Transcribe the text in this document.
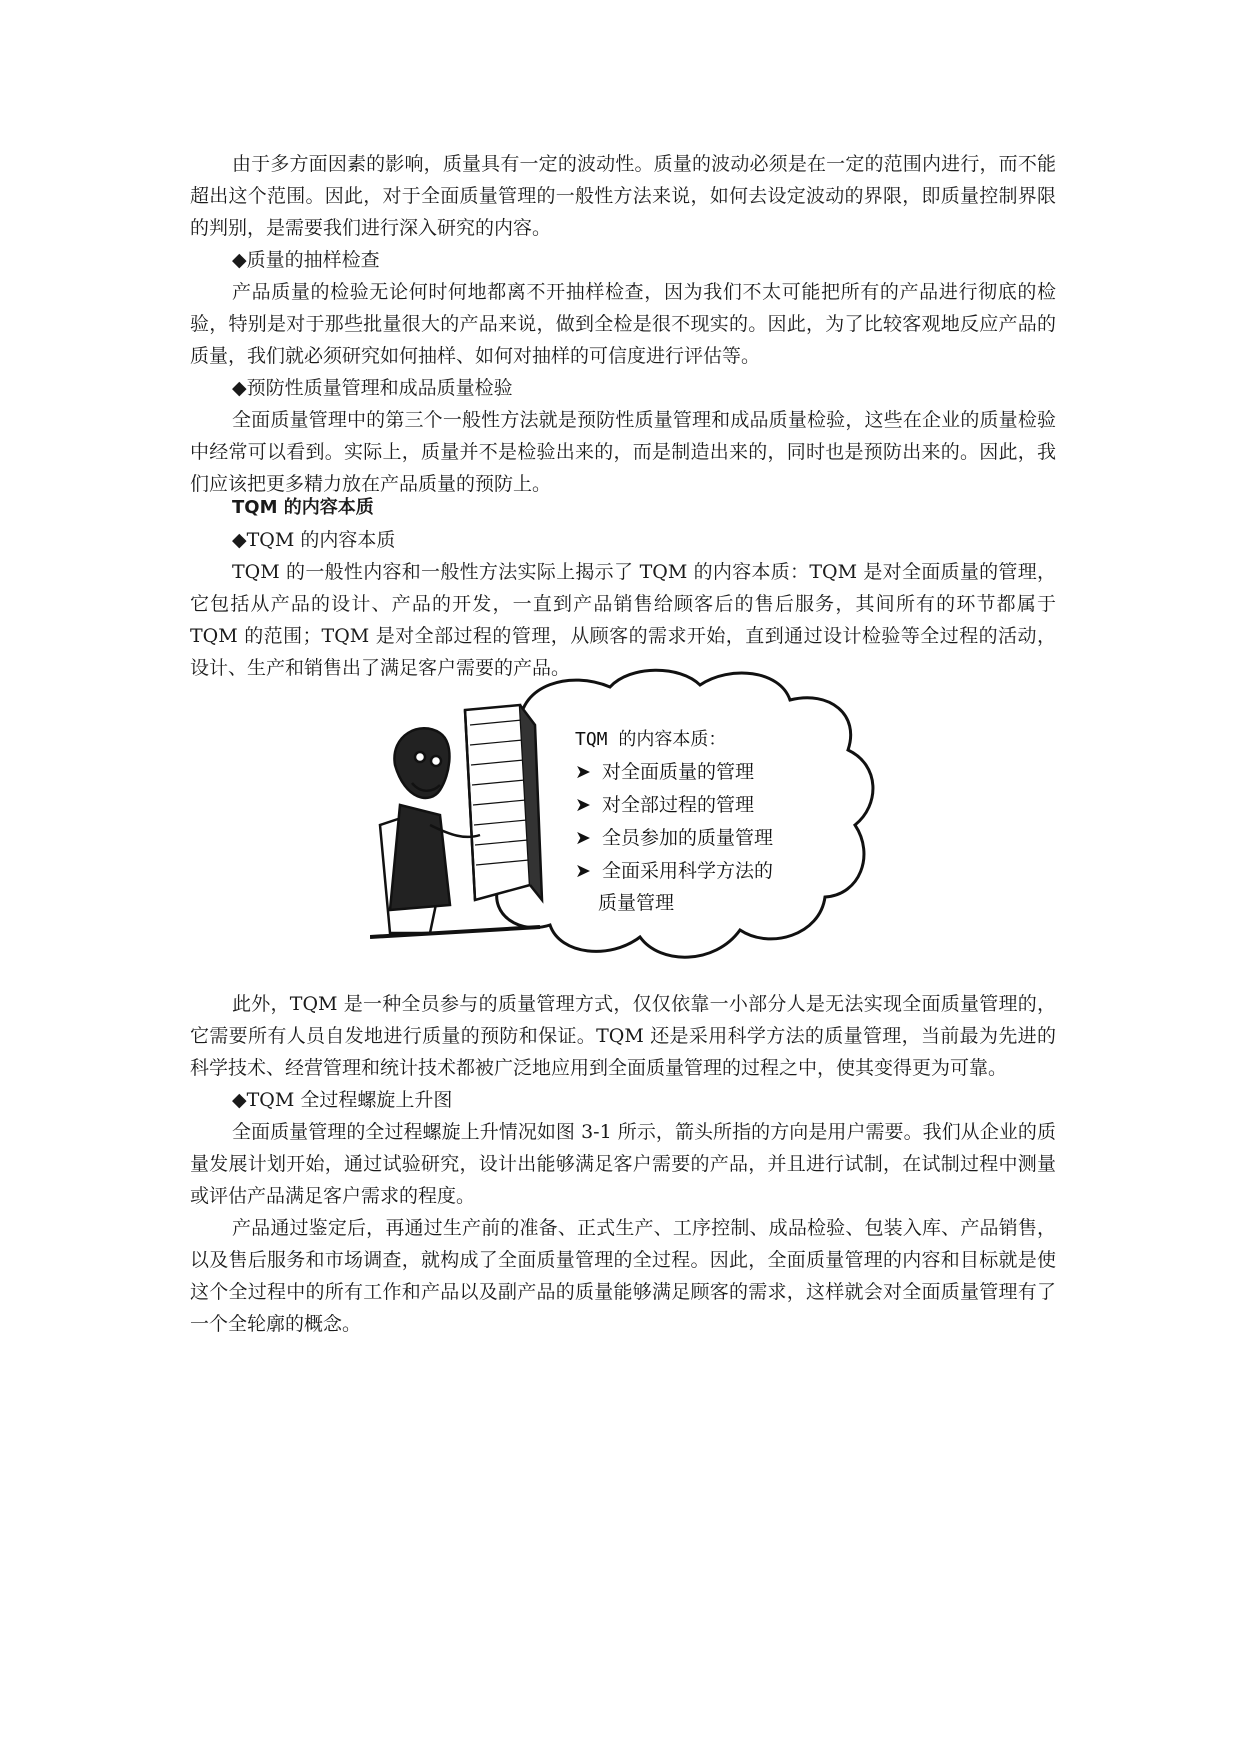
由于多方面因素的影响，质量具有一定的波动性。质量的波动必须是在一定的范围内进行，而不能超出这个范围。因此，对于全面质量管理的一般性方法来说，如何去设定波动的界限，即质量控制界限的判别，是需要我们进行深入研究的内容。

◆质量的抽样检查

产品质量的检验无论何时何地都离不开抽样检查，因为我们不太可能把所有的产品进行彻底的检验，特别是对于那些批量很大的产品来说，做到全检是很不现实的。因此，为了比较客观地反应产品的质量，我们就必须研究如何抽样、如何对抽样的可信度进行评估等。

◆预防性质量管理和成品质量检验

全面质量管理中的第三个一般性方法就是预防性质量管理和成品质量检验，这些在企业的质量检验中经常可以看到。实际上，质量并不是检验出来的，而是制造出来的，同时也是预防出来的。因此，我们应该把更多精力放在产品质量的预防上。

TQM 的内容本质

◆TQM 的内容本质

TQM 的一般性内容和一般性方法实际上揭示了 TQM 的内容本质：TQM 是对全面质量的管理，它包括从产品的设计、产品的开发，一直到产品销售给顾客后的售后服务，其间所有的环节都属于 TQM 的范围；TQM 是对全部过程的管理，从顾客的需求开始，直到通过设计检验等全过程的活动，设计、生产和销售出了满足客户需要的产品。

TQM 的内容本质：
➤ 对全面质量的管理
➤ 对全部过程的管理
➤ 全员参加的质量管理
➤ 全面采用科学方法的
质量管理

此外，TQM 是一种全员参与的质量管理方式，仅仅依靠一小部分人是无法实现全面质量管理的，它需要所有人员自发地进行质量的预防和保证。TQM 还是采用科学方法的质量管理，当前最为先进的科学技术、经营管理和统计技术都被广泛地应用到全面质量管理的过程之中，使其变得更为可靠。

◆TQM 全过程螺旋上升图

全面质量管理的全过程螺旋上升情况如图 3-1 所示，箭头所指的方向是用户需要。我们从企业的质量发展计划开始，通过试验研究，设计出能够满足客户需要的产品，并且进行试制，在试制过程中测量或评估产品满足客户需求的程度。

产品通过鉴定后，再通过生产前的准备、正式生产、工序控制、成品检验、包装入库、产品销售，以及售后服务和市场调查，就构成了全面质量管理的全过程。因此，全面质量管理的内容和目标就是使这个全过程中的所有工作和产品以及副产品的质量能够满足顾客的需求，这样就会对全面质量管理有了一个全轮廓的概念。
